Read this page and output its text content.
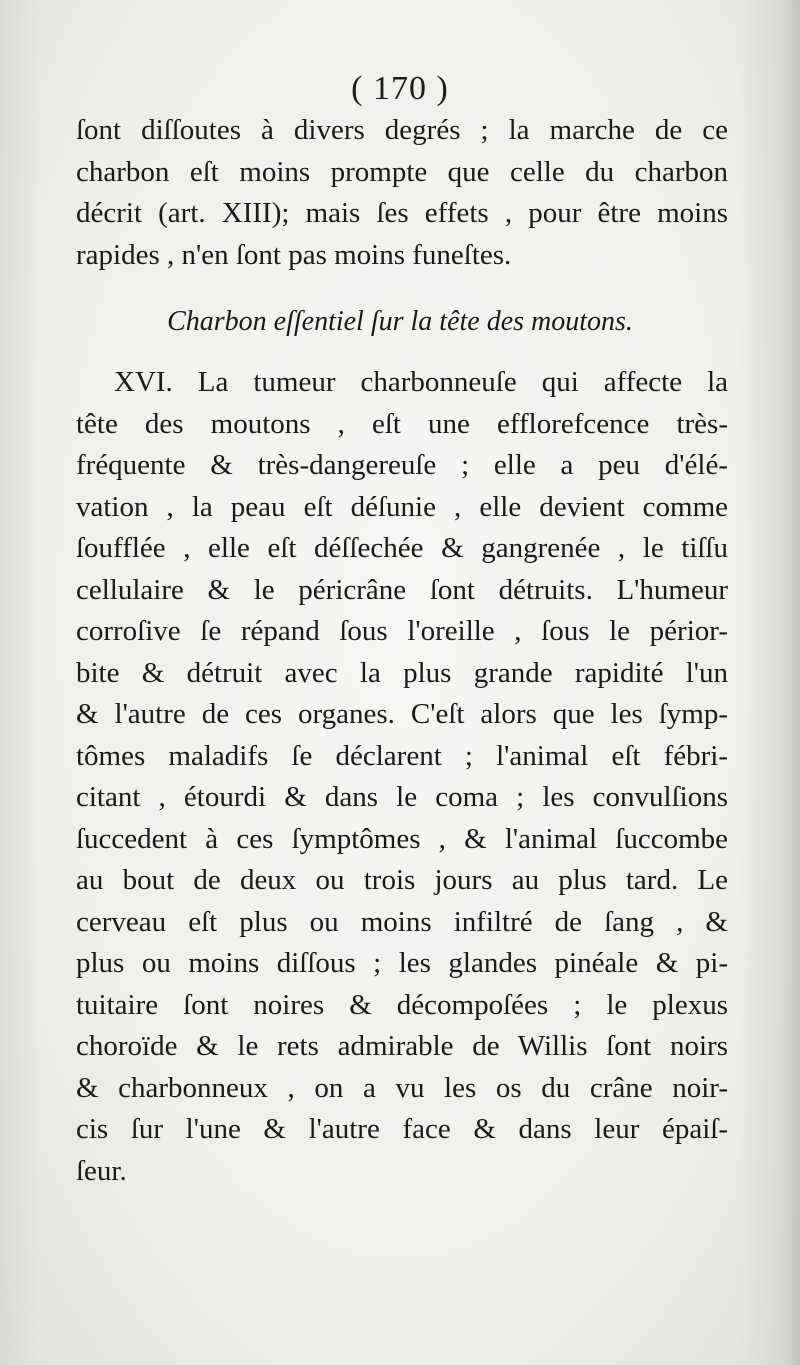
( 170 )
ſont diſſoutes à divers degrés ; la marche de ce
charbon eſt moins prompte que celle du charbon
décrit (art. XIII); mais ſes effets , pour être moins
rapides , n'en ſont pas moins funeſtes.
Charbon eſſentiel ſur la tête des moutons.
XVI. La tumeur charbonneuſe qui affecte la
tête des moutons , eſt une efflorefcence très-
fréquente & très-dangereuſe ; elle a peu d'élé-
vation , la peau eſt déſunie , elle devient comme
ſoufflée , elle eſt déſſechée & gangrenée , le tiſſu
cellulaire & le péricrâne ſont détruits. L'humeur
corroſive ſe répand ſous l'oreille , ſous le périor-
bite & détruit avec la plus grande rapidité l'un
& l'autre de ces organes. C'eſt alors que les ſymp-
tômes maladifs ſe déclarent ; l'animal eſt fébri-
citant , étourdi & dans le coma ; les convulſions
ſuccedent à ces ſymptômes , & l'animal ſuccombe
au bout de deux ou trois jours au plus tard. Le
cerveau eſt plus ou moins infiltré de ſang , &
plus ou moins diſſous ; les glandes pinéale & pi-
tuitaire ſont noires & décompoſées ; le plexus
choroïde & le rets admirable de Willis ſont noirs
& charbonneux , on a vu les os du crâne noir-
cis ſur l'une & l'autre face & dans leur épaiſ-
ſeur.
